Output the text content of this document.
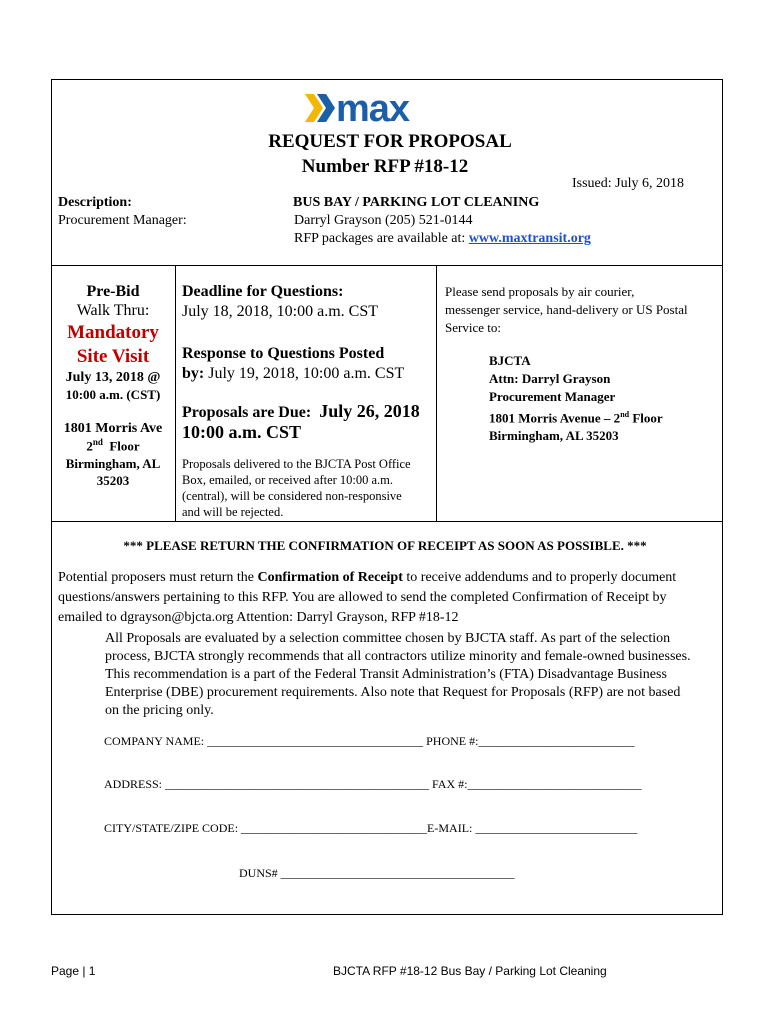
max
REQUEST FOR PROPOSAL
Number RFP #18-12
Issued: July 6, 2018
Description:	BUS BAY / PARKING LOT CLEANING
Procurement Manager:	Darryl Grayson (205) 521-0144
RFP packages are available at: www.maxtransit.org
Pre-Bid
Walk Thru:
Mandatory
Site Visit
July 13, 2018 @
10:00 a.m. (CST)
1801 Morris Ave
2nd Floor
Birmingham, AL
35203
Deadline for Questions:
July 18, 2018, 10:00 a.m. CST
Response to Questions Posted
by: July 19, 2018, 10:00 a.m. CST
Proposals are Due: July 26, 2018
10:00 a.m. CST
Proposals delivered to the BJCTA Post Office
Box, emailed, or received after 10:00 a.m.
(central), will be considered non-responsive
and will be rejected.
Please send proposals by air courier,
messenger service, hand-delivery or US Postal
Service to:
BJCTA
Attn: Darryl Grayson
Procurement Manager
1801 Morris Avenue – 2nd Floor
Birmingham, AL 35203
*** PLEASE RETURN THE CONFIRMATION OF RECEIPT AS SOON AS POSSIBLE. ***
Potential proposers must return the Confirmation of Receipt to receive addendums and to properly document
questions/answers pertaining to this RFP. You are allowed to send the completed Confirmation of Receipt by
emailed to dgrayson@bjcta.org Attention: Darryl Grayson, RFP #18-12
All Proposals are evaluated by a selection committee chosen by BJCTA staff. As part of the selection
process, BJCTA strongly recommends that all contractors utilize minority and female-owned businesses.
This recommendation is a part of the Federal Transit Administration’s (FTA) Disadvantage Business
Enterprise (DBE) procurement requirements. Also note that Request for Proposals (RFP) are not based
on the pricing only.
COMPANY NAME: ____________________________________ PHONE #:__________________________
ADDRESS: ____________________________________________ FAX #:_____________________________
CITY/STATE/ZIPE CODE: _______________________________E-MAIL: ___________________________
DUNS# _______________________________________
Page | 1	BJCTA RFP #18-12 Bus Bay / Parking Lot Cleaning
